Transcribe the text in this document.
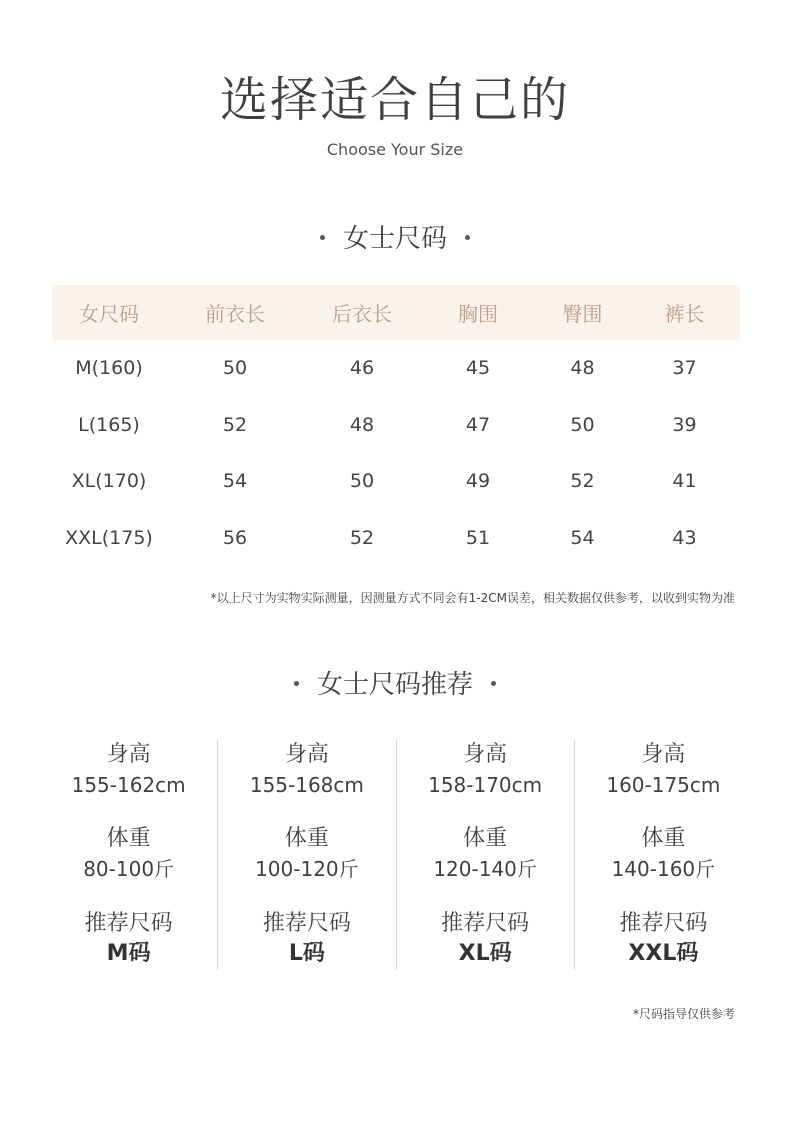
选择适合自己的
Choose Your Size
女士尺码
女尺码	前衣长	后衣长	胸围	臀围	裤长
M(160)	50	46	45	48	37
L(165)	52	48	47	50	39
XL(170)	54	50	49	52	41
XXL(175)	56	52	51	54	43
*以上尺寸为实物实际测量，因测量方式不同会有1-2CM误差，相关数据仅供参考，以收到实物为准
女士尺码推荐
身高
155-162cm
体重
80-100斤
推荐尺码
M码
身高
155-168cm
体重
100-120斤
推荐尺码
L码
身高
158-170cm
体重
120-140斤
推荐尺码
XL码
身高
160-175cm
体重
140-160斤
推荐尺码
XXL码
*尺码指导仅供参考
